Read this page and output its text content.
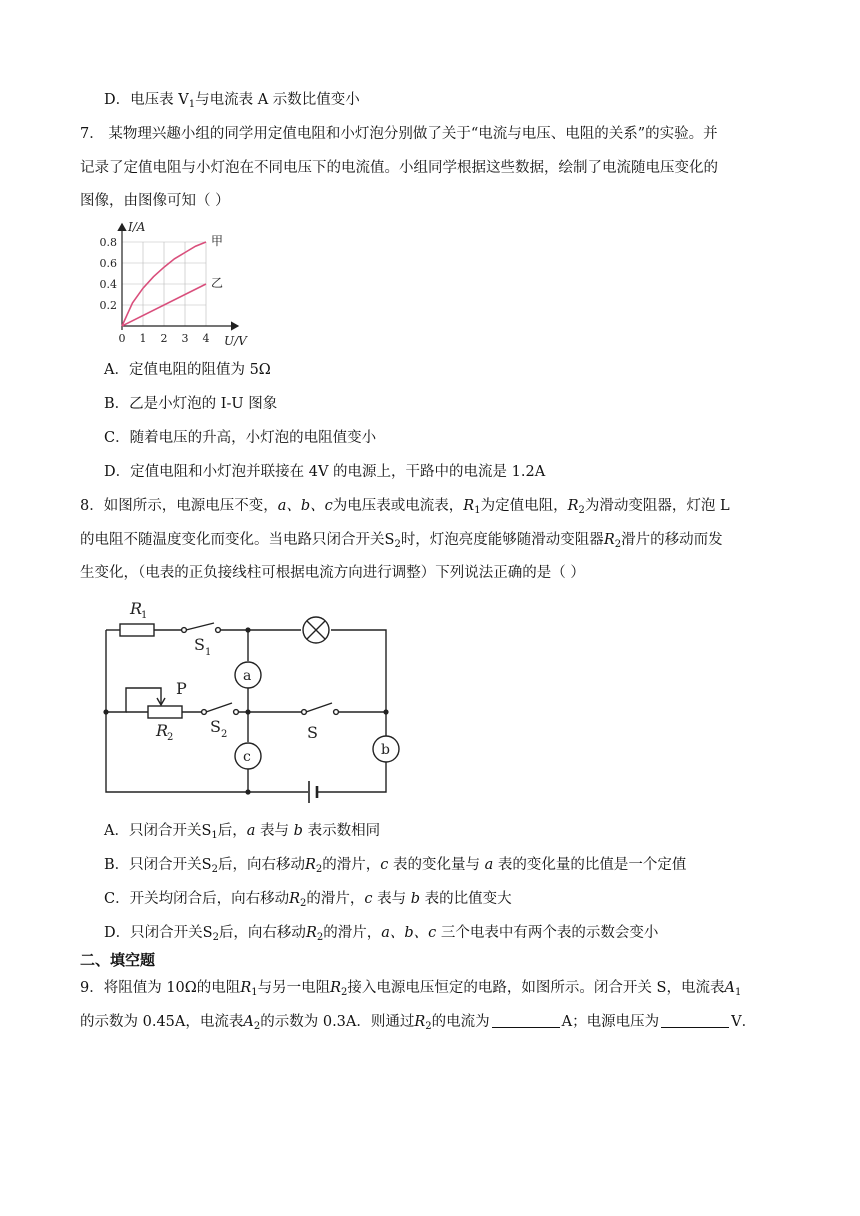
D．电压表 $V_1$与电流表 A 示数比值变小
7． 某物理兴趣小组的同学用定值电阻和小灯泡分别做了关于“电流与电压、电阻的关系”的实验。并
记录了定值电阻与小灯泡在不同电压下的电流值。小组同学根据这些数据，绘制了电流随电压变化的
图像，由图像可知（ ）
I/A
U/V
0.2
0.4
0.6
0.8
0 1 2 3 4
甲
乙
A．定值电阻的阻值为 5Ω
B．乙是小灯泡的 I-U 图象
C．随着电压的升高，小灯泡的电阻值变小
D．定值电阻和小灯泡并联接在 4V 的电源上，干路中的电流是 1.2A
8．如图所示，电源电压不变，a、b、c为电压表或电流表，$R_1$为定值电阻，$R_2$为滑动变阻器，灯泡 L
的电阻不随温度变化而变化。当电路只闭合开关$S_2$时，灯泡亮度能够随滑动变阻器$R_2$滑片的移动而发
生变化，（电表的正负接线柱可根据电流方向进行调整）下列说法正确的是（ ）
R
1
S 1
P
R
2
S 2	S
a
c	b
A．只闭合开关$S_1$后，a 表与 b 表示数相同
B．只闭合开关$S_2$后，向右移动$R_2$的滑片，c 表的变化量与 a 表的变化量的比值是一个定值
C．开关均闭合后，向右移动$R_2$的滑片，c 表与 b 表的比值变大
D．只闭合开关$S_2$后，向右移动$R_2$的滑片，a、b、c 三个电表中有两个表的示数会变小
二、填空题
9．将阻值为 10Ω的电阻$R_1$与另一电阻$R_2$接入电源电压恒定的电路，如图所示。闭合开关 S，电流表$A_1$
的示数为 0.45A，电流表$A_2$的示数为 0.3A．则通过$R_2$的电流为	A；电源电压为	V．
